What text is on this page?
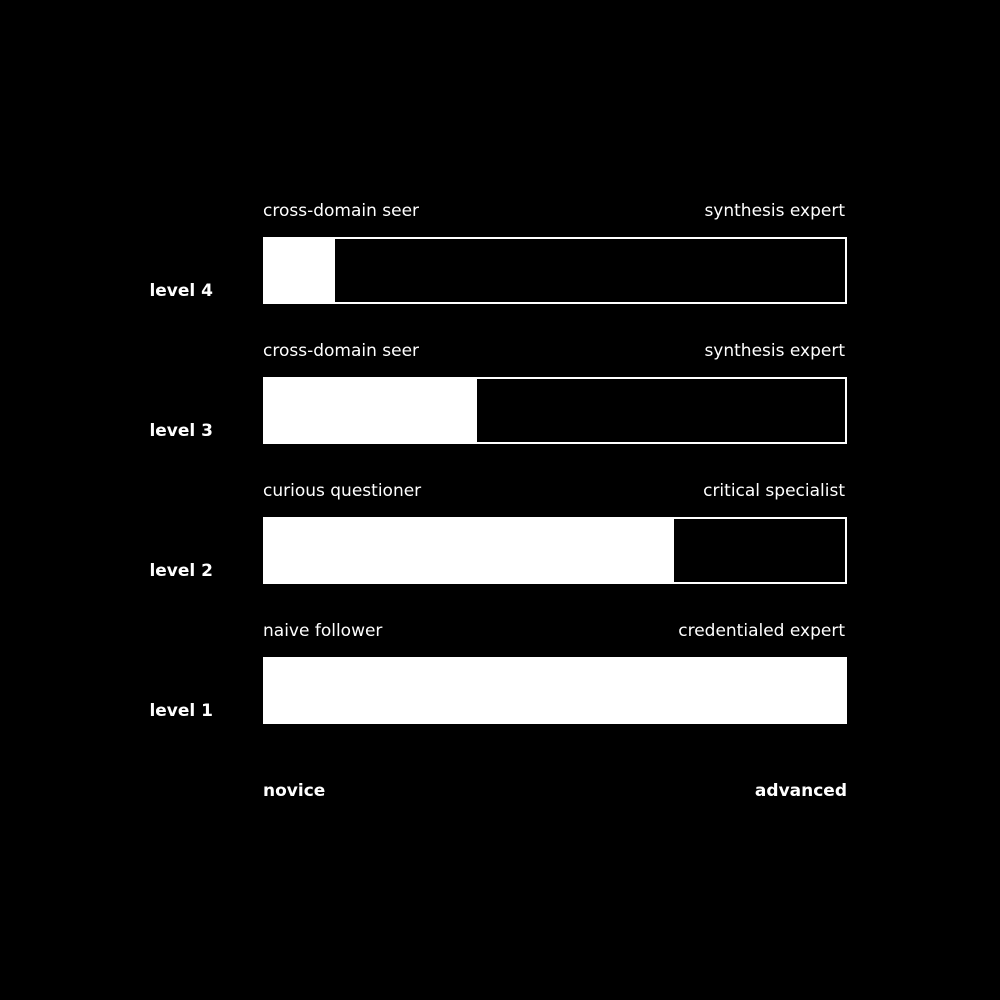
cross-domain seer	synthesis expert
level 4
cross-domain seer	synthesis expert
level 3
curious questioner	critical specialist
level 2
naive follower	credentialed expert
level 1
novice	advanced
